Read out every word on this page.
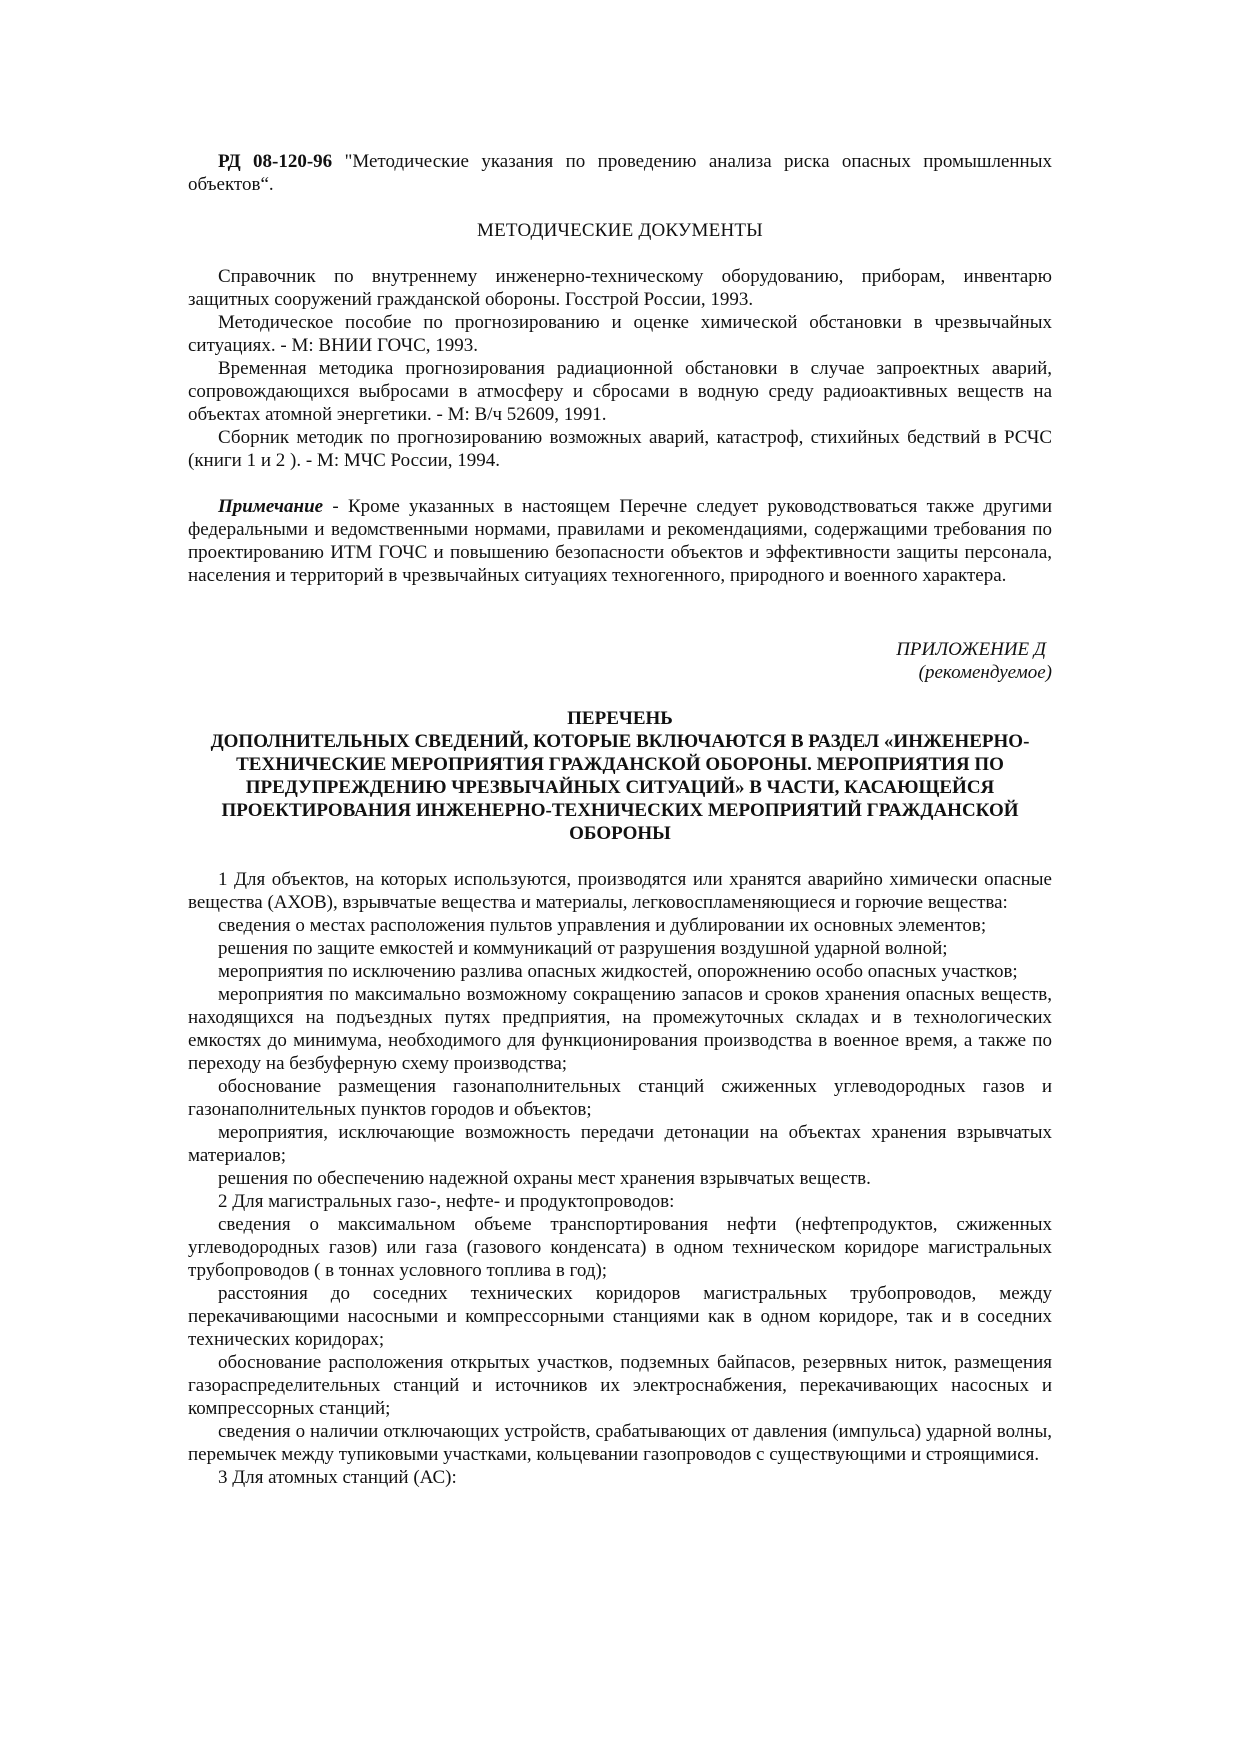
РД 08-120-96 "Методические указания по проведению анализа риска опасных промышленных объектов“.

МЕТОДИЧЕСКИЕ ДОКУМЕНТЫ

Справочник по внутреннему инженерно-техническому оборудованию, приборам, инвентарю защитных сооружений гражданской обороны. Госстрой России, 1993.

Методическое пособие по прогнозированию и оценке химической обстановки в чрезвычайных ситуациях. - М: ВНИИ ГОЧС, 1993.

Временная методика прогнозирования радиационной обстановки в случае запроектных аварий, сопровождающихся выбросами в атмосферу и сбросами в водную среду радиоактивных веществ на объектах атомной энергетики. - М: В/ч 52609, 1991.

Сборник методик по прогнозированию возможных аварий, катастроф, стихийных бедствий в РСЧС (книги 1 и 2 ). - М: МЧС России, 1994.

Примечание - Кроме указанных в настоящем Перечне следует руководствоваться также другими федеральными и ведомственными нормами, правилами и рекомендациями, содержащими требования по проектированию ИТМ ГОЧС и повышению безопасности объектов и эффективности защиты персонала, населения и территорий в чрезвычайных ситуациях техногенного, природного и военного характера.

ПРИЛОЖЕНИЕ Д

(рекомендуемое)

ПЕРЕЧЕНЬ

ДОПОЛНИТЕЛЬНЫХ СВЕДЕНИЙ, КОТОРЫЕ ВКЛЮЧАЮТСЯ В РАЗДЕЛ «ИНЖЕНЕРНО-ТЕХНИЧЕСКИЕ МЕРОПРИЯТИЯ ГРАЖДАНСКОЙ ОБОРОНЫ. МЕРОПРИЯТИЯ ПО ПРЕДУПРЕЖДЕНИЮ ЧРЕЗВЫЧАЙНЫХ СИТУАЦИЙ» В ЧАСТИ, КАСАЮЩЕЙСЯ ПРОЕКТИРОВАНИЯ ИНЖЕНЕРНО-ТЕХНИЧЕСКИХ МЕРОПРИЯТИЙ ГРАЖДАНСКОЙ ОБОРОНЫ

1 Для объектов, на которых используются, производятся или хранятся аварийно химически опасные вещества (АХОВ), взрывчатые вещества и материалы, легковоспламеняющиеся и горючие вещества:

сведения о местах расположения пультов управления и дублировании их основных элементов;

решения по защите емкостей и коммуникаций от разрушения воздушной ударной волной;

мероприятия по исключению разлива опасных жидкостей, опорожнению особо опасных участков;

мероприятия по максимально возможному сокращению запасов и сроков хранения опасных веществ, находящихся на подъездных путях предприятия, на промежуточных складах и в технологических емкостях до минимума, необходимого для функционирования производства в военное время, а также по переходу на безбуферную схему производства;

обоснование размещения газонаполнительных станций сжиженных углеводородных газов и газонаполнительных пунктов городов и объектов;

мероприятия, исключающие возможность передачи детонации на объектах хранения взрывчатых материалов;

решения по обеспечению надежной охраны мест хранения взрывчатых веществ.

2 Для магистральных газо-, нефте- и продуктопроводов:

сведения о максимальном объеме транспортирования нефти (нефтепродуктов, сжиженных углеводородных газов) или газа (газового конденсата) в одном техническом коридоре магистральных трубопроводов ( в тоннах условного топлива в год);

расстояния до соседних технических коридоров магистральных трубопроводов, между перекачивающими насосными и компрессорными станциями как в одном коридоре, так и в соседних технических коридорах;

обоснование расположения открытых участков, подземных байпасов, резервных ниток, размещения газораспределительных станций и источников их электроснабжения, перекачивающих насосных и компрессорных станций;

сведения о наличии отключающих устройств, срабатывающих от давления (импульса) ударной волны, перемычек между тупиковыми участками, кольцевании газопроводов с существующими и строящимися.

3 Для атомных станций (АС):
